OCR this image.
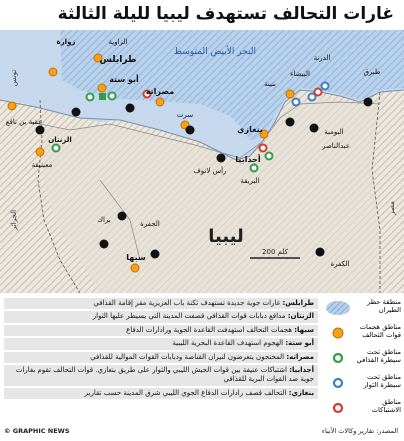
غارات التحالف تستهدف ليبيا لليلة الثالثة
البحر الأبيض المتوسط
ليبيا
تونس
الجزائر
مصر
200 كلم
زوارة	الزاوية
طرابلس
أبو ستة
مصراته
عقبة بن نافع
الزنتان
معيتيقة
سرت
رأس لانوف
البريقة
أجدابيا
بنغازي
بنينة
البيضاء
الدرنة
طبرق
البومبة
عبدالناصر
براك	الجفرة
سبها
الكفرة
طرابلس: غارات جوية جديدة تستهدف ثكنة باب العزيزية مقر إقامة القذافي
الزنتان: مدافع دبابات قوات القذافي قصفت المدينة التي يسيطر عليها الثوار
سبها: هجمات التحالف استهدفت القاعدة الجوية ورادارات الدفاع
أبو ستة: الهجوم استهدف القاعدة البحرية الليبية
مصراته: المحتجون يتعرضون لنيران القناصة ودبابات القوات الموالية للقذافي
أجدابيا: اشتباكات عنيفة بين قوات الجيش الليبي والثوار على طريق بنغازي. قوات التحالف تقوم بغارات جوية ضد القوات البرية للقذافي
بنغازي: التحالف قصف رادارات الدفاع الجوي الليبي شرق المدينة حسب تقارير
منطقة حظر الطيران
مناطق هجمات قوات التحالف
مناطق تحت سيطرة القذافي
مناطق تحت سيطرة الثوار
مناطق الاشتباكات
© GRAPHIC NEWS	المصدر: تقارير وكالات الأنباء
